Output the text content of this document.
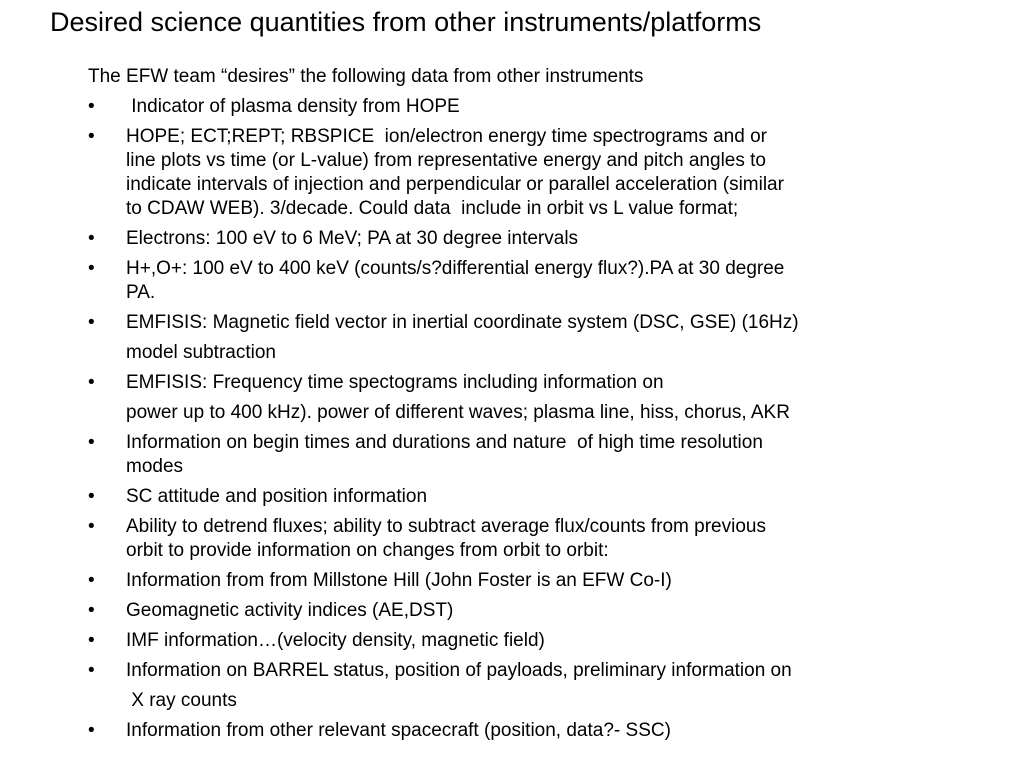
Desired science quantities from other instruments/platforms

The EFW team “desires” the following data from other instruments

• Indicator of plasma density from HOPE
• HOPE; ECT;REPT; RBSPICE  ion/electron energy time spectrograms and or
line plots vs time (or L-value) from representative energy and pitch angles to
indicate intervals of injection and perpendicular or parallel acceleration (similar
to CDAW WEB). 3/decade. Could data  include in orbit vs L value format;
• Electrons: 100 eV to 6 MeV; PA at 30 degree intervals
• H+,O+: 100 eV to 400 keV (counts/s?differential energy flux?).PA at 30 degree
PA.
• EMFISIS: Magnetic field vector in inertial coordinate system (DSC, GSE) (16Hz)
model subtraction
• EMFISIS: Frequency time spectograms including information on
power up to 400 kHz). power of different waves; plasma line, hiss, chorus, AKR
• Information on begin times and durations and nature  of high time resolution
modes
• SC attitude and position information
• Ability to detrend fluxes; ability to subtract average flux/counts from previous
orbit to provide information on changes from orbit to orbit:
• Information from from Millstone Hill (John Foster is an EFW Co-I)
• Geomagnetic activity indices (AE,DST)
• IMF information…(velocity density, magnetic field)
• Information on BARREL status, position of payloads, preliminary information on
X ray counts
• Information from other relevant spacecraft (position, data?- SSC)
